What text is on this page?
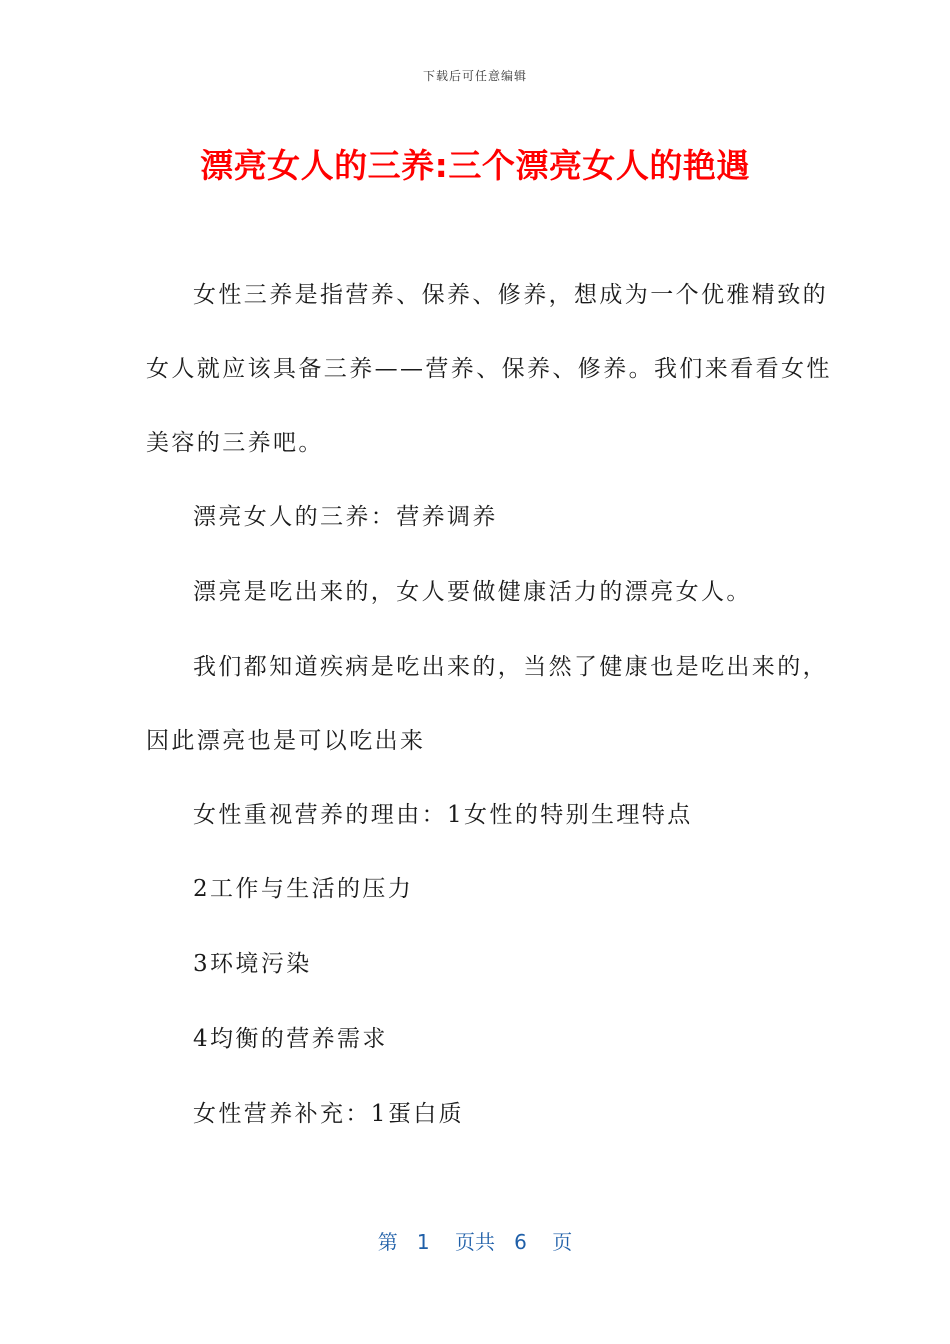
下载后可任意编辑
漂亮女人的三养:三个漂亮女人的艳遇
女性三养是指营养、保养、修养，想成为一个优雅精致的
女人就应该具备三养——营养、保养、修养。我们来看看女性
美容的三养吧。
漂亮女人的三养：营养调养
漂亮是吃出来的，女人要做健康活力的漂亮女人。
我们都知道疾病是吃出来的，当然了健康也是吃出来的，
因此漂亮也是可以吃出来
女性重视营养的理由：1女性的特别生理特点
2工作与生活的压力
3环境污染
4均衡的营养需求
女性营养补充：1蛋白质
第 1 页共 6 页
